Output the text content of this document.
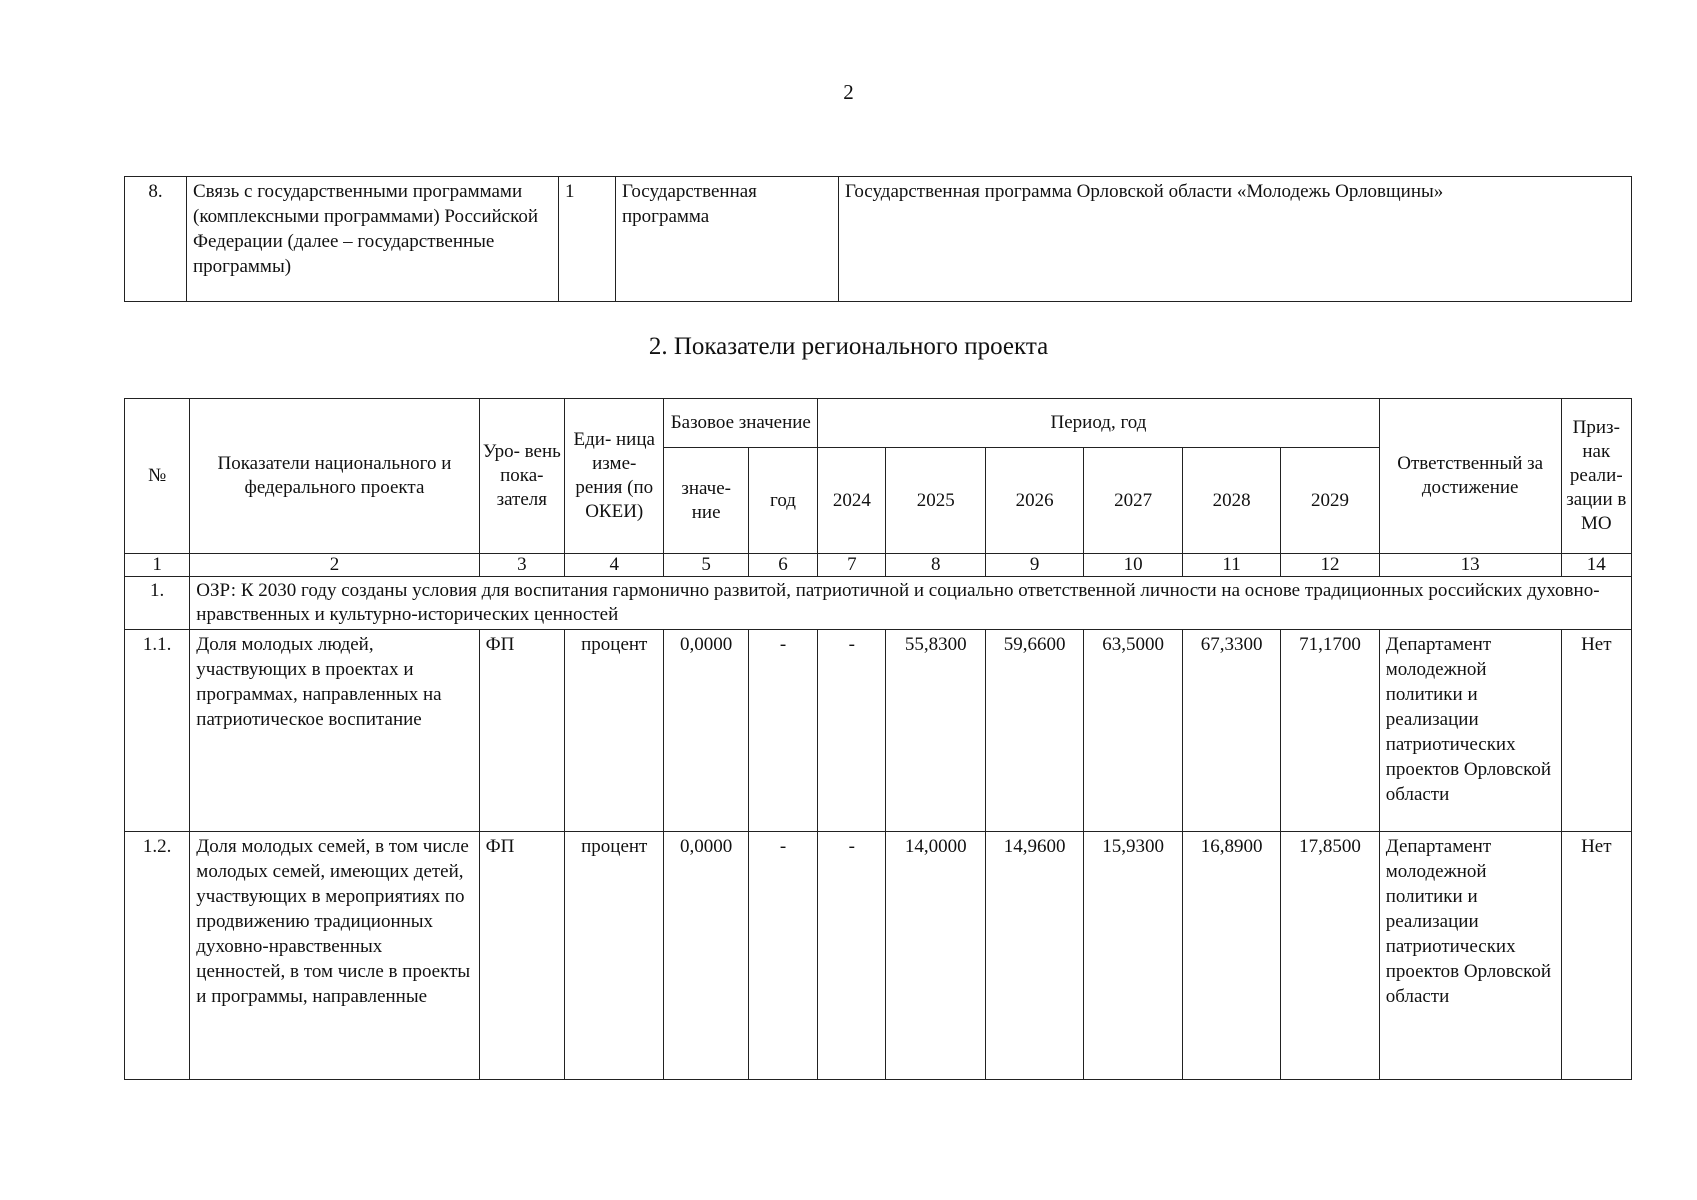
2
8.	Связь с государственными программами (комплексными программами) Российской Федерации (далее – государственные программы)	1	Государственная программа	Государственная программа Орловской области «Молодежь Орловщины»
2. Показатели регионального проекта
№	Показатели национального и федерального проекта	Уро- вень пока- зателя	Еди- ница изме- рения (по ОКЕИ)	Базовое значение		Период, год						Ответственный за достижение	Приз- нак реали- зации в МО
				значе- ние	год	2024	2025	2026	2027	2028	2029		
1	2	3	4	5	6	7	8	9	10	11	12	13	14
1.	ОЗР: К 2030 году созданы условия для воспитания гармонично развитой, патриотичной и социально ответственной личности на основе традиционных российских духовно-нравственных и культурно-исторических ценностей												
1.1.	Доля молодых людей, участвующих в проектах и программах, направленных на патриотическое воспитание	ФП	процент	0,0000	-	-	55,8300	59,6600	63,5000	67,3300	71,1700	Департамент молодежной политики и реализации патриотических проектов Орловской области	Нет
1.2.	Доля молодых семей, в том числе молодых семей, имеющих детей, участвующих в мероприятиях по продвижению традиционных духовно-нравственных ценностей, в том числе в проекты и программы, направленные	ФП	процент	0,0000	-	-	14,0000	14,9600	15,9300	16,8900	17,8500	Департамент молодежной политики и реализации патриотических проектов Орловской области	Нет
